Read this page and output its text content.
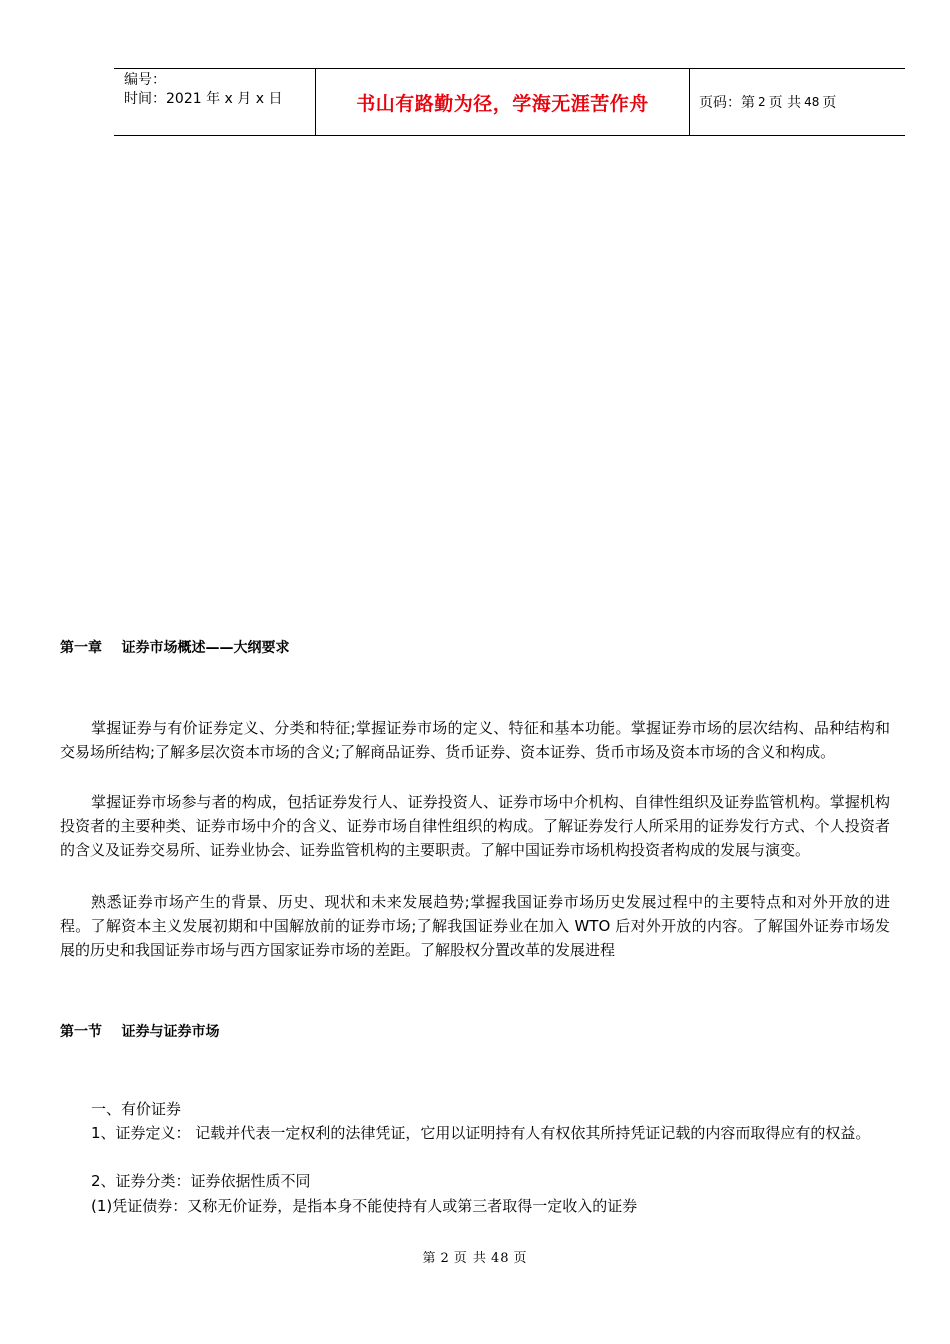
编号：
时间：2021 年 x 月 x 日	书山有路勤为径，学海无涯苦作舟	页码：第 2 页 共 48 页
第一章    证券市场概述——大纲要求

掌握证券与有价证券定义、分类和特征;掌握证券市场的定义、特征和基本功能。掌握证券市场的层次结构、品种结构和交易场所结构;了解多层次资本市场的含义;了解商品证券、货币证券、资本证券、货币市场及资本市场的含义和构成。

掌握证券市场参与者的构成，包括证券发行人、证券投资人、证券市场中介机构、自律性组织及证券监管机构。掌握机构投资者的主要种类、证券市场中介的含义、证券市场自律性组织的构成。了解证券发行人所采用的证券发行方式、个人投资者的含义及证券交易所、证券业协会、证券监管机构的主要职责。了解中国证券市场机构投资者构成的发展与演变。

熟悉证券市场产生的背景、历史、现状和未来发展趋势;掌握我国证券市场历史发展过程中的主要特点和对外开放的进程。了解资本主义发展初期和中国解放前的证券市场;了解我国证券业在加入 WTO 后对外开放的内容。了解国外证券市场发展的历史和我国证券市场与西方国家证券市场的差距。了解股权分置改革的发展进程

第一节    证券与证券市场

一、有价证券

1、证券定义： 记载并代表一定权利的法律凭证，它用以证明持有人有权依其所持凭证记载的内容而取得应有的权益。

2、证券分类：证券依据性质不同

(1)凭证债券：又称无价证券，是指本身不能使持有人或第三者取得一定收入的证券

第 2 页 共 48 页
